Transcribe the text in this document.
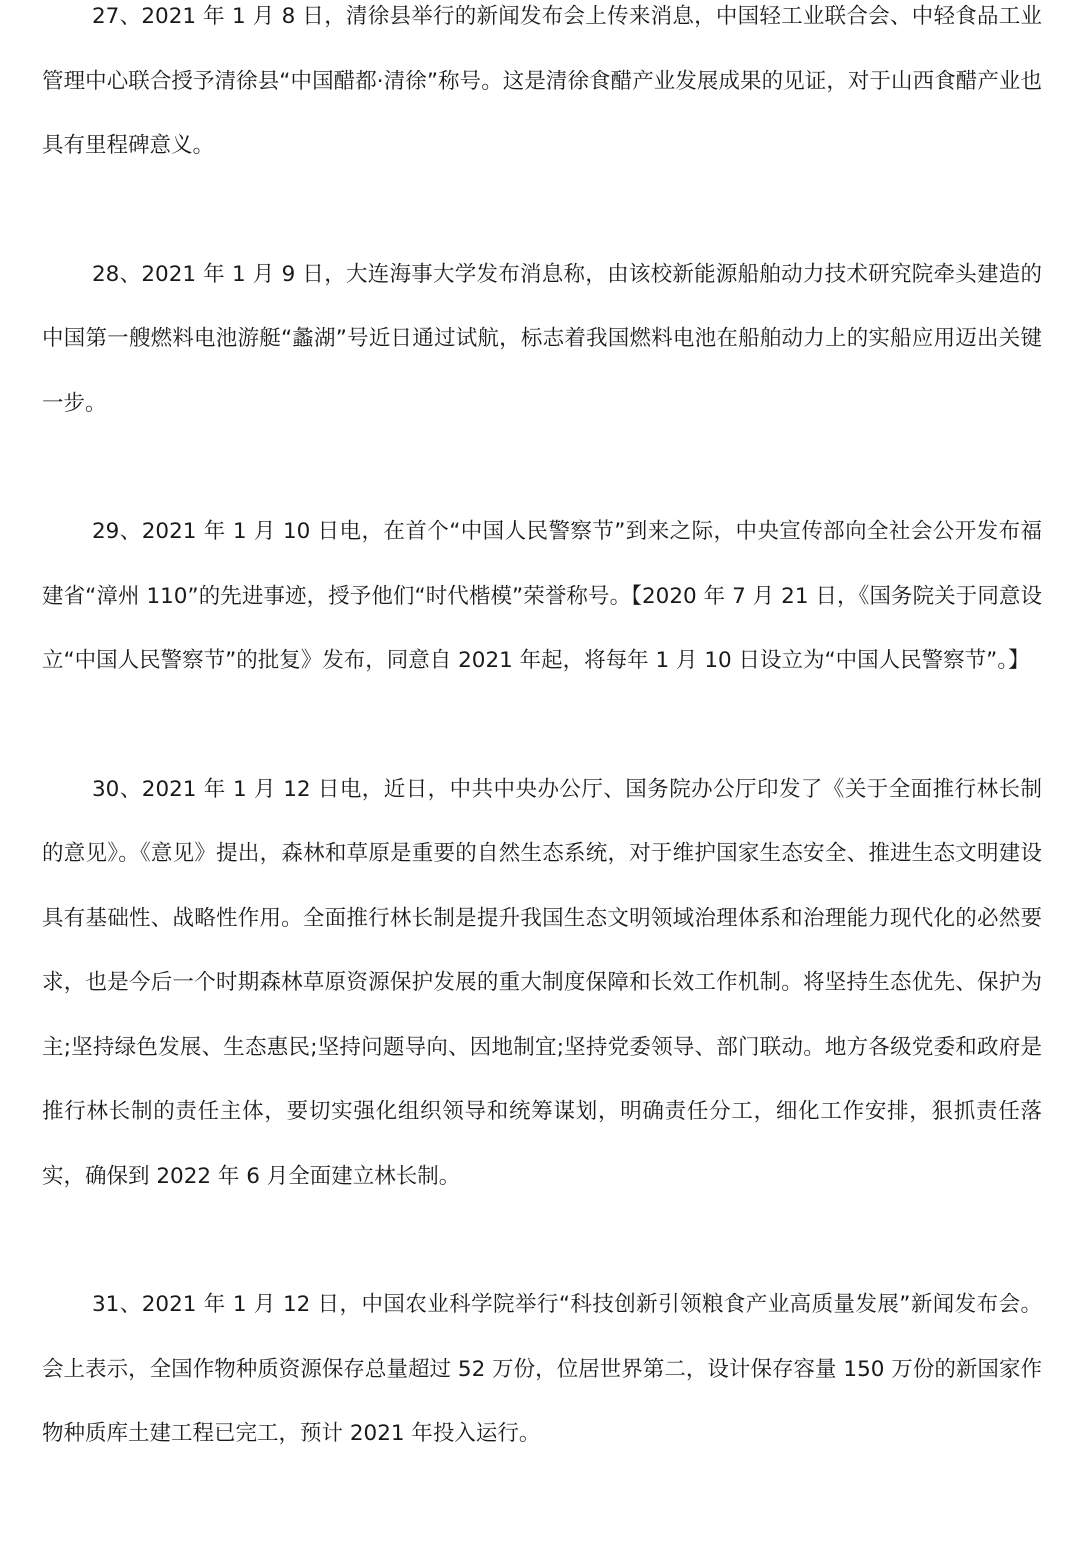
27、2021 年 1 月 8 日，清徐县举行的新闻发布会上传来消息，中国轻工业联合会、中轻食品工业管理中心联合授予清徐县“中国醋都·清徐”称号。这是清徐食醋产业发展成果的见证，对于山西食醋产业也具有里程碑意义。

28、2021 年 1 月 9 日，大连海事大学发布消息称，由该校新能源船舶动力技术研究院牵头建造的中国第一艘燃料电池游艇“蠡湖”号近日通过试航，标志着我国燃料电池在船舶动力上的实船应用迈出关键一步。

29、2021 年 1 月 10 日电，在首个“中国人民警察节”到来之际，中央宣传部向全社会公开发布福建省“漳州 110”的先进事迹，授予他们“时代楷模”荣誉称号。【2020 年 7 月 21 日，《国务院关于同意设立“中国人民警察节”的批复》发布，同意自 2021 年起，将每年 1 月 10 日设立为“中国人民警察节”。】

30、2021 年 1 月 12 日电，近日，中共中央办公厅、国务院办公厅印发了《关于全面推行林长制的意见》。《意见》提出，森林和草原是重要的自然生态系统，对于维护国家生态安全、推进生态文明建设具有基础性、战略性作用。全面推行林长制是提升我国生态文明领域治理体系和治理能力现代化的必然要求，也是今后一个时期森林草原资源保护发展的重大制度保障和长效工作机制。将坚持生态优先、保护为主;坚持绿色发展、生态惠民;坚持问题导向、因地制宜;坚持党委领导、部门联动。地方各级党委和政府是推行林长制的责任主体，要切实强化组织领导和统筹谋划，明确责任分工，细化工作安排，狠抓责任落实，确保到 2022 年 6 月全面建立林长制。

31、2021 年 1 月 12 日，中国农业科学院举行“科技创新引领粮食产业高质量发展”新闻发布会。会上表示，全国作物种质资源保存总量超过 52 万份，位居世界第二，设计保存容量 150 万份的新国家作物种质库土建工程已完工，预计 2021 年投入运行。
